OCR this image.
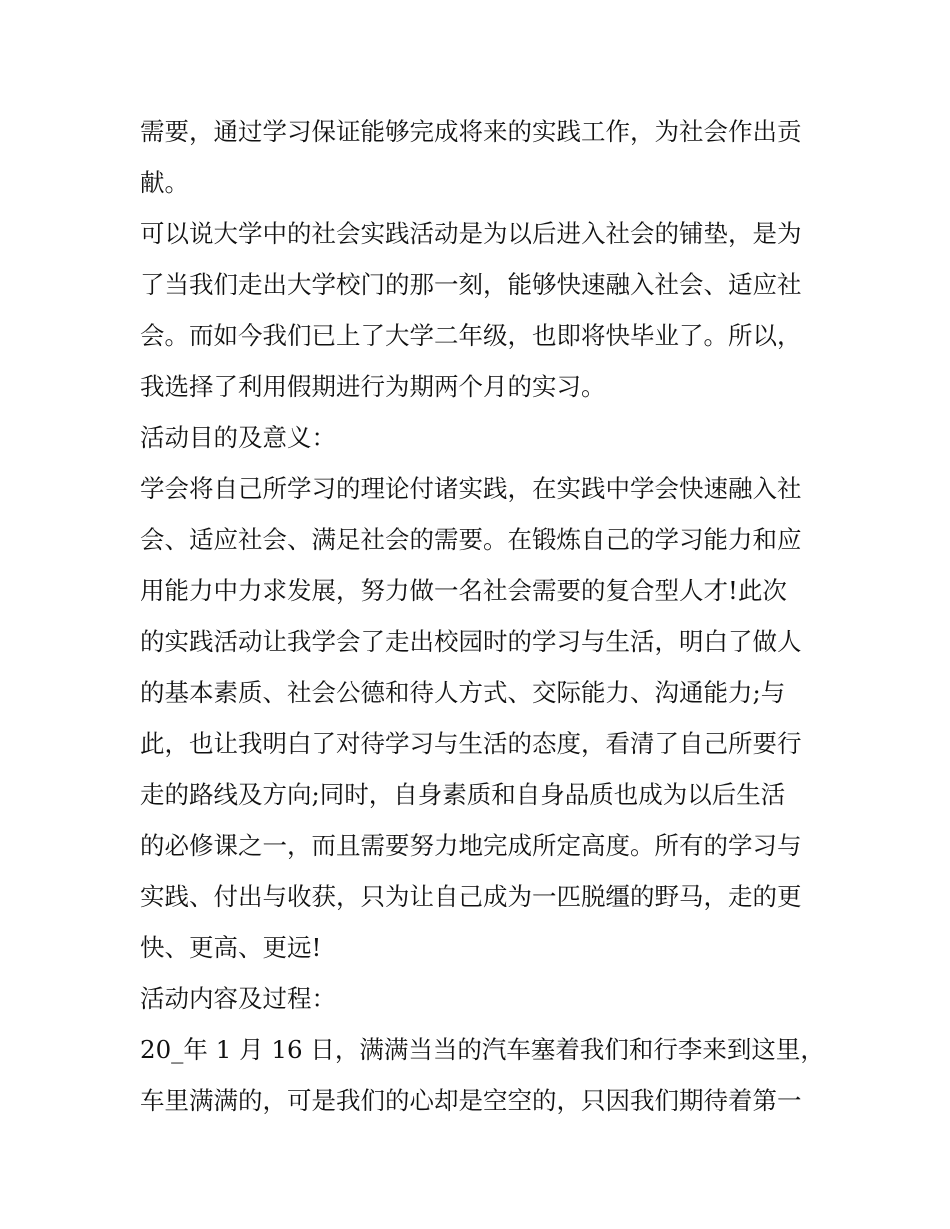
需要，通过学习保证能够完成将来的实践工作，为社会作出贡
献。
可以说大学中的社会实践活动是为以后进入社会的铺垫，是为
了当我们走出大学校门的那一刻，能够快速融入社会、适应社
会。而如今我们已上了大学二年级，也即将快毕业了。所以，
我选择了利用假期进行为期两个月的实习。
活动目的及意义：
学会将自己所学习的理论付诸实践，在实践中学会快速融入社
会、适应社会、满足社会的需要。在锻炼自己的学习能力和应
用能力中力求发展，努力做一名社会需要的复合型人才!此次
的实践活动让我学会了走出校园时的学习与生活，明白了做人
的基本素质、社会公德和待人方式、交际能力、沟通能力;与
此，也让我明白了对待学习与生活的态度，看清了自己所要行
走的路线及方向;同时，自身素质和自身品质也成为以后生活
的必修课之一，而且需要努力地完成所定高度。所有的学习与
实践、付出与收获，只为让自己成为一匹脱缰的野马，走的更
快、更高、更远!
活动内容及过程：
20_年 1 月 16 日，满满当当的汽车塞着我们和行李来到这里，
车里满满的，可是我们的心却是空空的，只因我们期待着第一
